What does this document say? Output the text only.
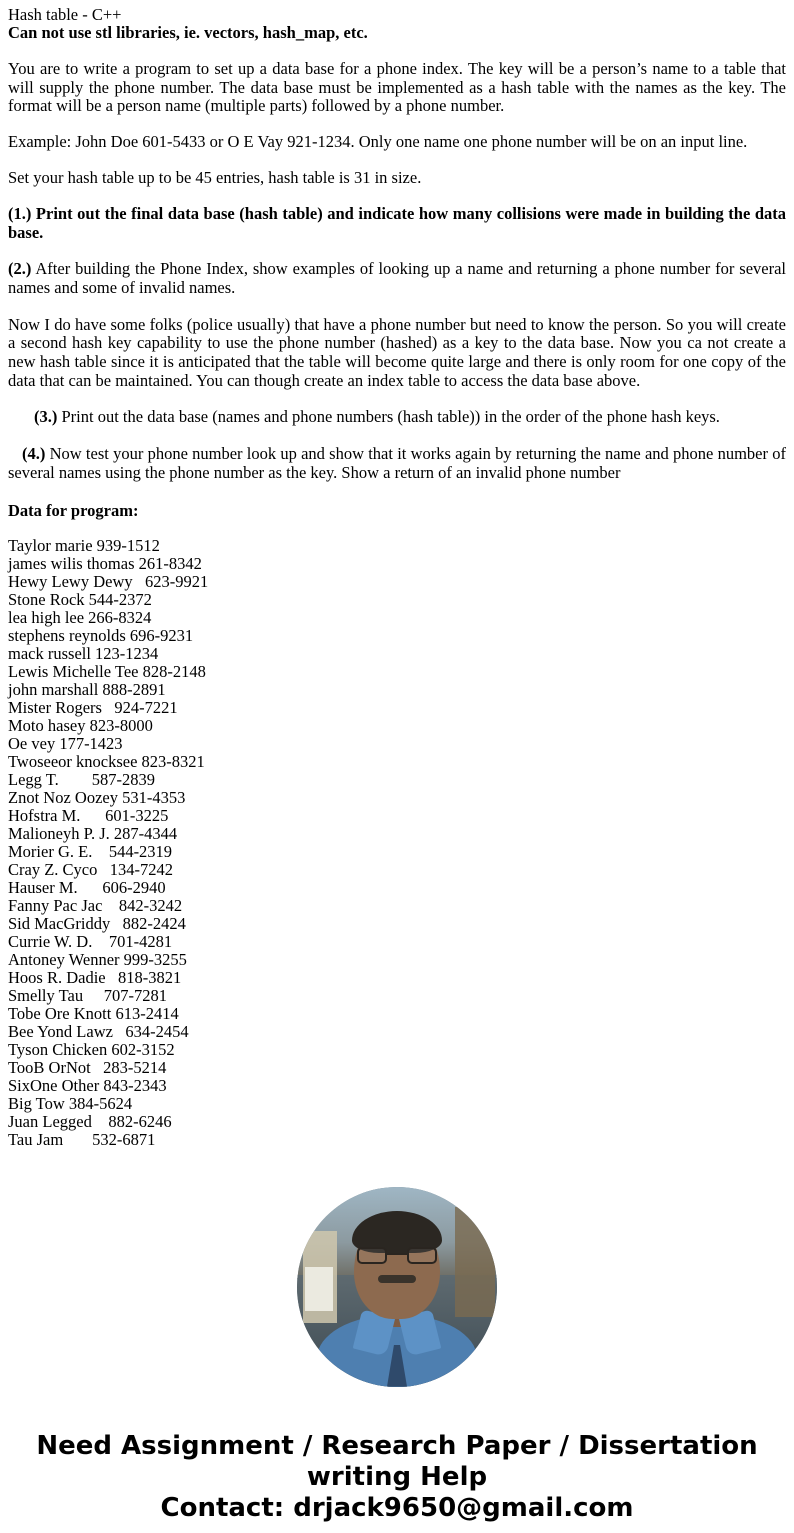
Hash table - C++
Can not use stl libraries, ie. vectors, hash_map, etc.

You are to write a program to set up a data base for a phone index. The key will be a person’s name to a table that will supply the phone number. The data base must be implemented as a hash table with the names as the key. The format will be a person name (multiple parts) followed by a phone number.

Example: John Doe 601-5433 or O E Vay 921-1234. Only one name one phone number will be on an input line.

Set your hash table up to be 45 entries, hash table is 31 in size.

(1.) Print out the final data base (hash table) and indicate how many collisions were made in building the data base.
(2.) After building the Phone Index, show examples of looking up a name and returning a phone number for several names and some of invalid names.
Now I do have some folks (police usually) that have a phone number but need to know the person. So you will create a second hash key capability to use the phone number (hashed) as a key to the data base. Now you ca not create a new hash table since it is anticipated that the table will become quite large and there is only room for one copy of the data that can be maintained. You can though create an index table to access the data base above.
(3.) Print out the data base (names and phone numbers (hash table)) in the order of the phone hash keys.
(4.) Now test your phone number look up and show that it works again by returning the name and phone number of several names using the phone number as the key. Show a return of an invalid phone number
Data for program:
Taylor marie 939-1512
james wilis thomas 261-8342
Hewy Lewy Dewy   623-9921
Stone Rock 544-2372
lea high lee 266-8324
stephens reynolds 696-9231
mack russell 123-1234
Lewis Michelle Tee 828-2148
john marshall 888-2891
Mister Rogers   924-7221
Moto hasey 823-8000
Oe vey 177-1423
Twoseeor knocksee 823-8321
Legg T.        587-2839
Znot Noz Oozey 531-4353
Hofstra M.      601-3225
Malioneyh P. J. 287-4344
Morier G. E.    544-2319
Cray Z. Cyco   134-7242
Hauser M.      606-2940
Fanny Pac Jac    842-3242
Sid MacGriddy   882-2424
Currie W. D.    701-4281
Antoney Wenner 999-3255
Hoos R. Dadie   818-3821
Smelly Tau     707-7281
Tobe Ore Knott 613-2414
Bee Yond Lawz   634-2454
Tyson Chicken 602-3152
TooB OrNot   283-5214
SixOne Other 843-2343
Big Tow 384-5624
Juan Legged    882-6246
Tau Jam       532-6871
Need Assignment / Research Paper / Dissertation
writing Help
Contact: drjack9650@gmail.com
